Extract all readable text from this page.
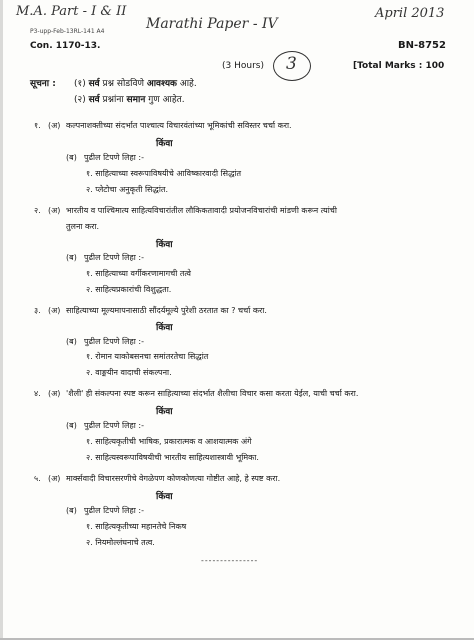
M.A. Part - I & II
Marathi Paper - IV
April 2013
3
P3-upp-Feb-13RL-141 A4
Con. 1170-13.	BN-8752
(3 Hours)	[Total Marks : 100
सूचना : (१) सर्व प्रश्न सोडविणे आवश्यक आहे.
(२) सर्व प्रश्नांना समान गुण आहेत.
१. (अ) कल्पनाशक्तीच्या संदर्भात पाश्चात्य विचारवंतांच्या भूमिकांची सविस्तर चर्चा करा.
किंवा
(ब) पुढील टिपणे लिहा :-
१. साहित्याच्या स्वरूपाविषयीचे आविष्कारवादी सिद्धांत
२. प्लेटोचा अनुकृती सिद्धांत.
२. (अ) भारतीय व पाश्चिमात्य साहित्यविचारांतील लौकिकतावादी प्रयोजनविचारांची मांडणी करून त्यांची
तुलना करा.
किंवा
(ब) पुढील टिपणे लिहा :-
१. साहित्याच्या वर्गीकरणामागची तत्वे
२. साहित्यप्रकारांची विशुद्धता.
३. (अ) साहित्याच्या मूल्यमापनासाठी सौंदर्यमूल्ये पुरेशी ठरतात का ? चर्चा करा.
किंवा
(ब) पुढील टिपणे लिहा :-
१. रोमान याकोबसनचा समांतरतेचा सिद्धांत
२. वाङ्मयीन वादाची संकल्पना.
४. (अ) 'शैली' ही संकल्पना स्पष्ट करून साहित्याच्या संदर्भात शैलीचा विचार कसा करता येईल, याची चर्चा करा.
किंवा
(ब) पुढील टिपणे लिहा :-
१. साहित्यकृतीची भाषिक, प्रकारात्मक व आशयात्मक अंगे
२. साहित्यस्वरूपाविषयीची भारतीय साहित्यशास्त्रावी भूमिका.
५. (अ) मार्क्सवादी विचारसरणीचे वेगळेपण कोणकोणत्या गोष्टीत आहे, हे स्पष्ट करा.
किंवा
(ब) पुढील टिपणे लिहा :-
१. साहित्यकृतीच्या महानतेचे निकष
२. नियमोल्लंघनाचे तत्व.
---------------
